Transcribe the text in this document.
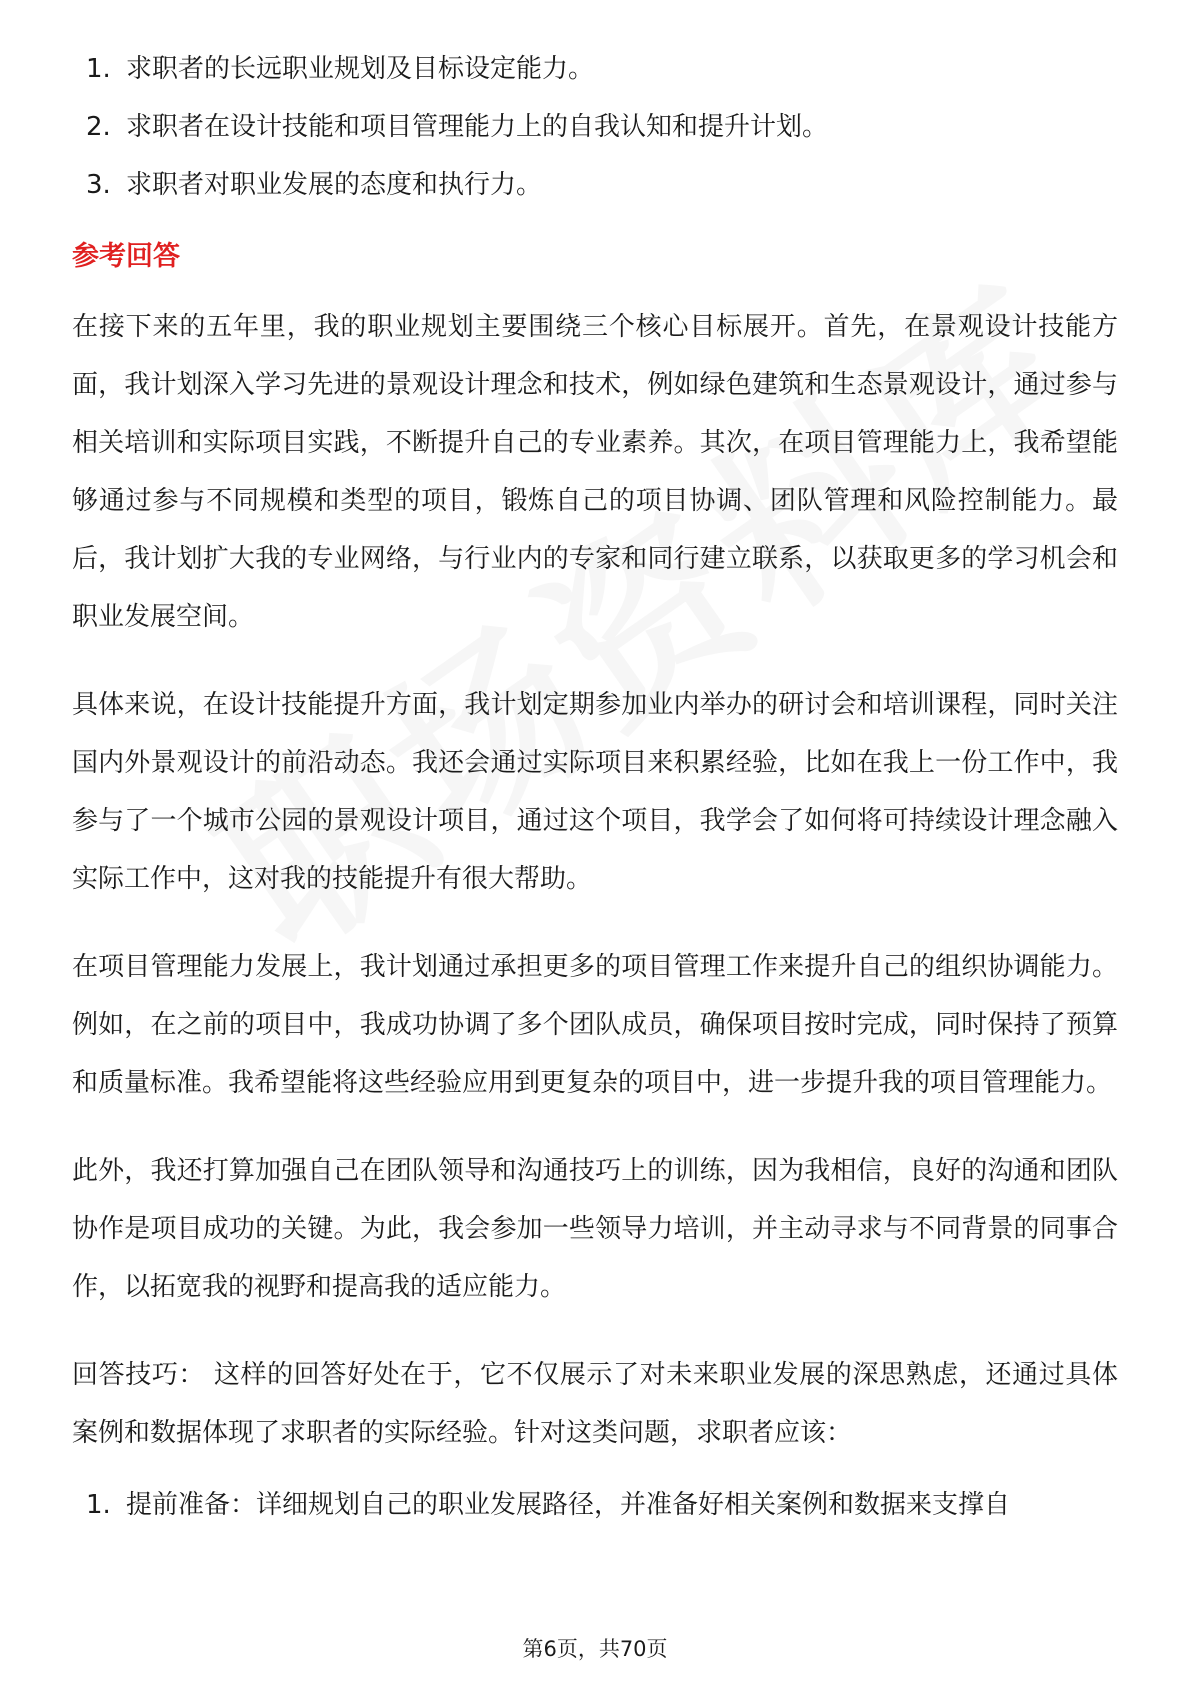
1. 求职者的长远职业规划及目标设定能力。
2. 求职者在设计技能和项目管理能力上的自我认知和提升计划。
3. 求职者对职业发展的态度和执行力。
参考回答

在接下来的五年里，我的职业规划主要围绕三个核心目标展开。首先，在景观设计技能方面，我计划深入学习先进的景观设计理念和技术，例如绿色建筑和生态景观设计，通过参与相关培训和实际项目实践，不断提升自己的专业素养。其次，在项目管理能力上，我希望能够通过参与不同规模和类型的项目，锻炼自己的项目协调、团队管理和风险控制能力。最后，我计划扩大我的专业网络，与行业内的专家和同行建立联系，以获取更多的学习机会和职业发展空间。

具体来说，在设计技能提升方面，我计划定期参加业内举办的研讨会和培训课程，同时关注国内外景观设计的前沿动态。我还会通过实际项目来积累经验，比如在我上一份工作中，我参与了一个城市公园的景观设计项目，通过这个项目，我学会了如何将可持续设计理念融入实际工作中，这对我的技能提升有很大帮助。

在项目管理能力发展上，我计划通过承担更多的项目管理工作来提升自己的组织协调能力。例如，在之前的项目中，我成功协调了多个团队成员，确保项目按时完成，同时保持了预算和质量标准。我希望能将这些经验应用到更复杂的项目中，进一步提升我的项目管理能力。

此外，我还打算加强自己在团队领导和沟通技巧上的训练，因为我相信，良好的沟通和团队协作是项目成功的关键。为此，我会参加一些领导力培训，并主动寻求与不同背景的同事合作，以拓宽我的视野和提高我的适应能力。

回答技巧： 这样的回答好处在于，它不仅展示了对未来职业发展的深思熟虑，还通过具体案例和数据体现了求职者的实际经验。针对这类问题，求职者应该：

1. 提前准备：详细规划自己的职业发展路径，并准备好相关案例和数据来支撑自
第6页，共70页
